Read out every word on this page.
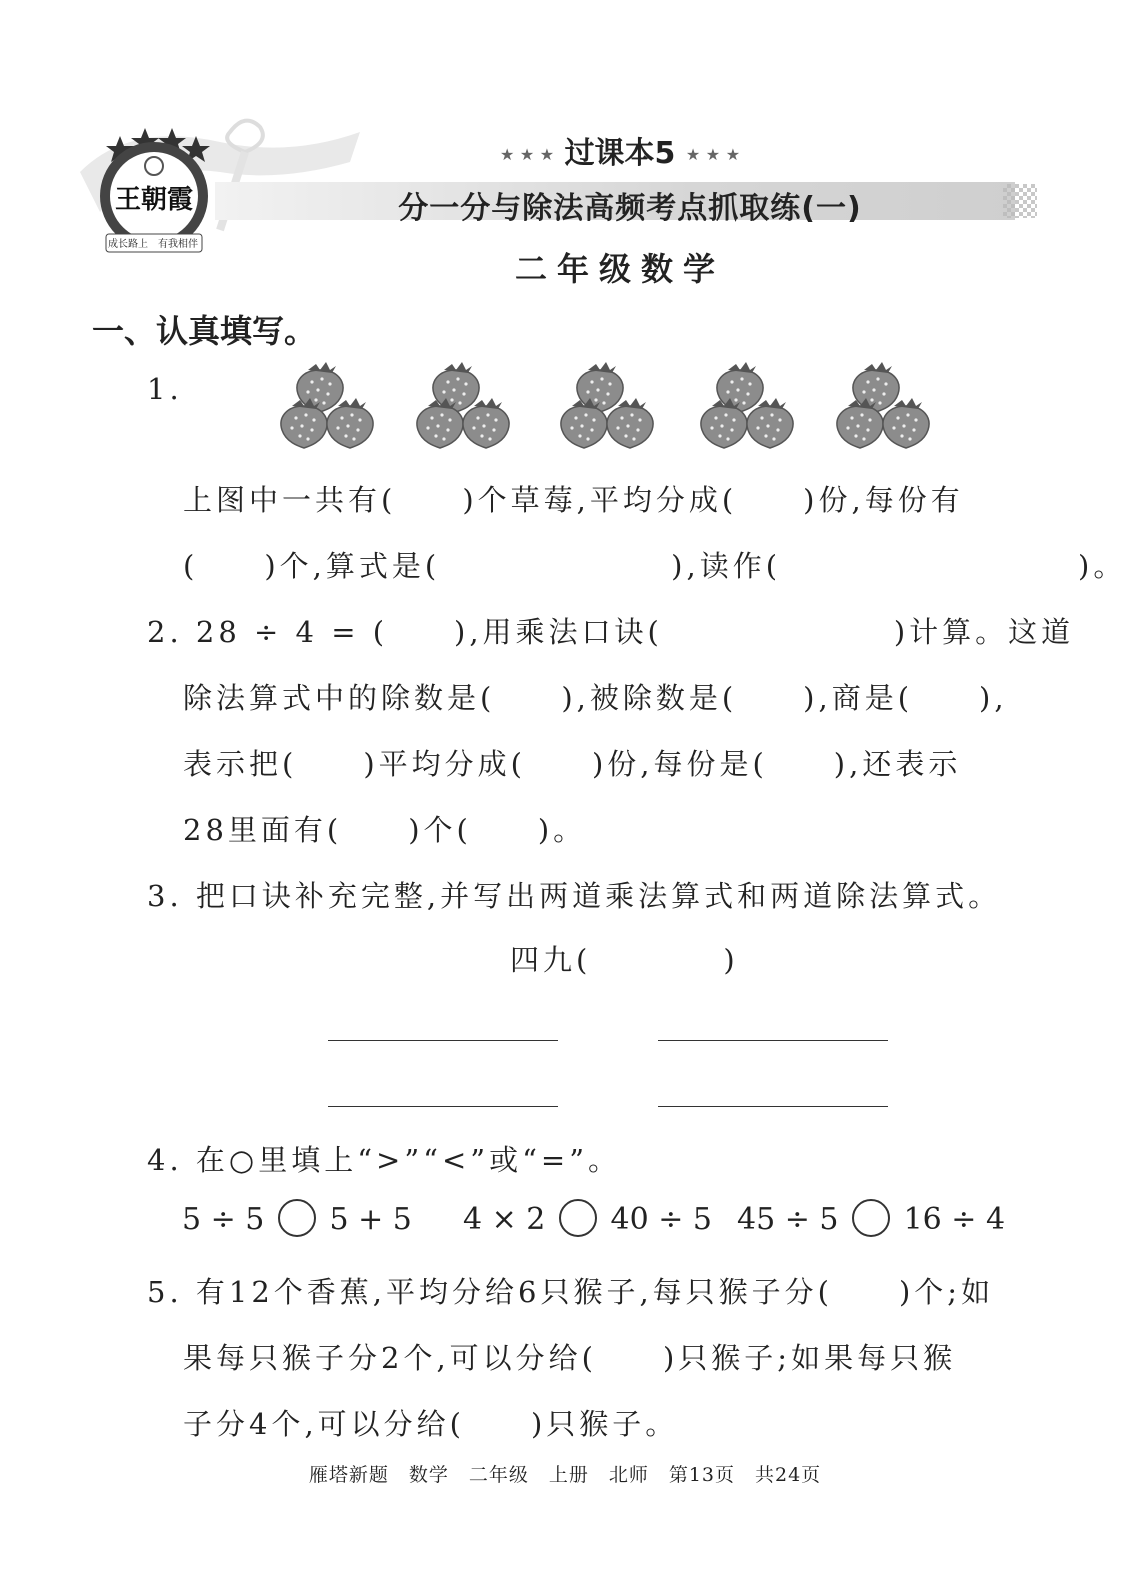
王朝霞
成长路上 有我相伴
★ ★ ★ 过课本5 ★ ★ ★
分一分与除法高频考点抓取练(一)
二年级数学
一、认真填写。
1.
上图中一共有(　　)个草莓,平均分成(　　)份,每份有
(　　)个,算式是(　　　　　　　),读作(　　　　　　　　　)。
2. 28 ÷ 4 = (　　),用乘法口诀(　　　　　　　)计算。这道
除法算式中的除数是(　　),被除数是(　　),商是(　　),
表示把(　　)平均分成(　　)份,每份是(　　),还表示
28里面有(　　)个(　　)。
3. 把口诀补充完整,并写出两道乘法算式和两道除法算式。
四九(　　　　)
4. 在○里填上“>”“<”或“=”。
5 ÷ 5 5 + 5 4 × 2 40 ÷ 5 45 ÷ 5 16 ÷ 4
5. 有12个香蕉,平均分给6只猴子,每只猴子分(　　)个;如
果每只猴子分2个,可以分给(　　)只猴子;如果每只猴
子分4个,可以分给(　　)只猴子。
雁塔新题　数学　二年级　上册　北师　第13页　共24页
